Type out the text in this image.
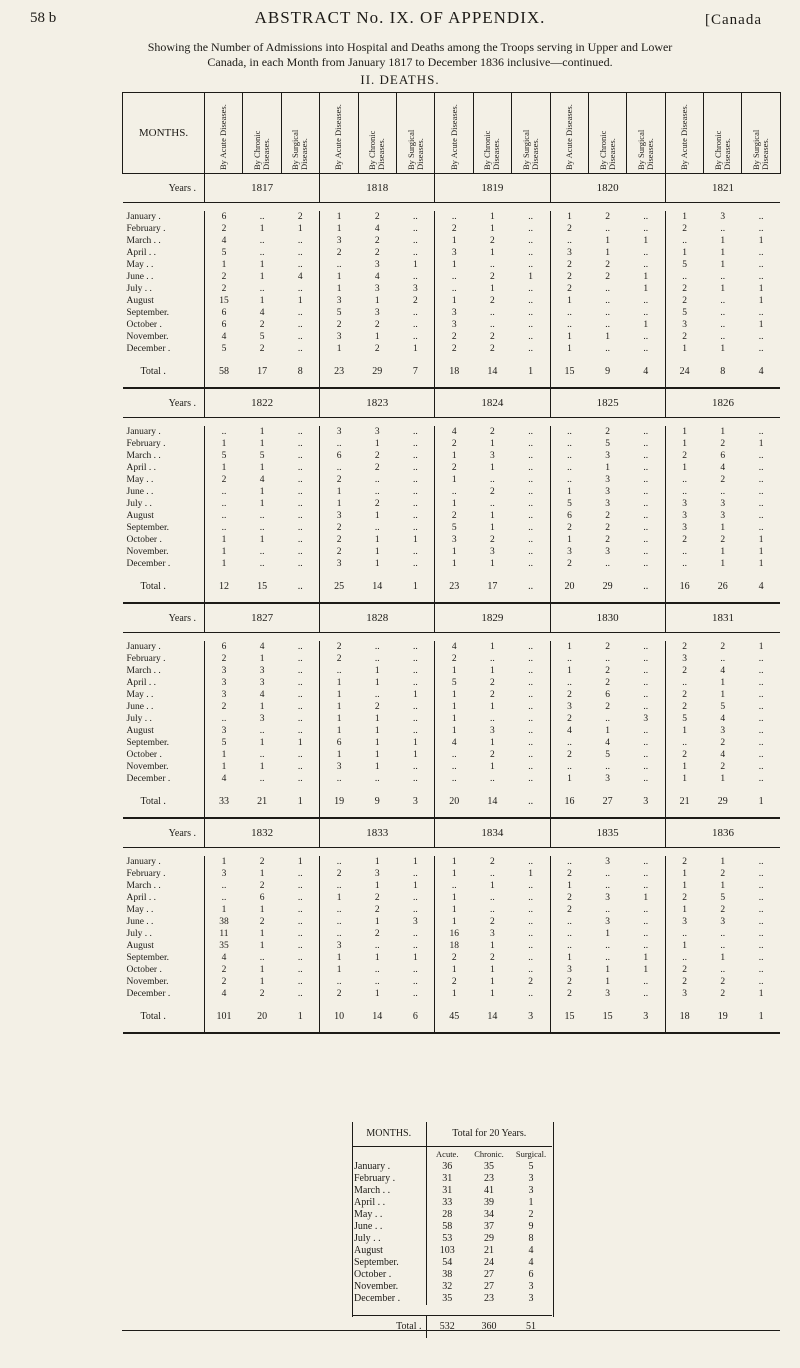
58 b	ABSTRACT No. IX. OF APPENDIX.	[Canada
Showing the Number of Admissions into Hospital and Deaths among the Troops serving in Upper and Lower
Canada, in each Month from January 1817 to December 1836 inclusive—continued.
II. DEATHS.
MONTHS.	By Acute Diseases.	By Chronic Diseases.	By Surgical Diseases.	By Acute Diseases.	By Chronic Diseases.	By Surgical Diseases.	By Acute Diseases.	By Chronic Diseases.	By Surgical Diseases.	By Acute Diseases.	By Chronic Diseases.	By Surgical Diseases.	By Acute Diseases.	By Chronic Diseases.	By Surgical Diseases.
Years .	1817			1818			1819			1820			1821		

January .	6	..	2	1	2	..	..	1	..	1	2	..	1	3	..
February .	2	1	1	1	4	..	2	1	..	2	..	..	2	..	..
March . .	4	..	..	3	2	..	1	2	..	..	1	1	..	1	1
April . .	5	..	..	2	2	..	3	1	..	3	1	..	1	1	..
May . .	1	1	..	..	3	1	1	..	..	2	2	..	5	1	..
June . .	2	1	4	1	4	..	..	2	1	2	2	1	..	..	..
July . .	2	..	..	1	3	3	..	1	..	2	..	1	2	1	1
August	15	1	1	3	1	2	1	2	..	1	..	..	2	..	1
September.	6	4	..	5	3	..	3	..	..	..	..	..	5	..	..
October .	6	2	..	2	2	..	3	..	..	..	..	1	3	..	1
November.	4	5	..	3	1	..	2	2	..	1	1	..	2	..	..
December .	5	2	..	1	2	1	2	2	..	1	..	..	1	1	..
Total .	58	17	8	23	29	7	18	14	1	15	9	4	24	8	4
Years .	1822			1823			1824			1825			1826		

January .	..	1	..	3	3	..	4	2	..	..	2	..	1	1	..
February .	1	1	..	..	1	..	2	1	..	..	5	..	1	2	1
March . .	5	5	..	6	2	..	1	3	..	..	3	..	2	6	..
April . .	1	1	..	..	2	..	2	1	..	..	1	..	1	4	..
May . .	2	4	..	2	..	..	1	..	..	..	3	..	..	2	..
June . .	..	1	..	1	..	..	..	2	..	1	3	..	..	..	..
July . .	..	1	..	1	2	..	1	..	..	5	3	..	3	3	..
August	..	..	..	3	1	..	2	1	..	6	2	..	3	3	..
September.	..	..	..	2	..	..	5	1	..	2	2	..	3	1	..
October .	1	1	..	2	1	1	3	2	..	1	2	..	2	2	1
November.	1	..	..	2	1	..	1	3	..	3	3	..	..	1	1
December .	1	..	..	3	1	..	1	1	..	2	..	..	..	1	1
Total .	12	15	..	25	14	1	23	17	..	20	29	..	16	26	4
Years .	1827			1828			1829			1830			1831		

January .	6	4	..	2	..	..	4	1	..	1	2	..	2	2	1
February .	2	1	..	2	..	..	2	..	..	..	..	..	3	..	..
March . .	3	3	..	..	1	..	1	1	..	1	2	..	2	4	..
April . .	3	3	..	1	1	..	5	2	..	..	2	..	..	1	..
May . .	3	4	..	1	..	1	1	2	..	2	6	..	2	1	..
June . .	2	1	..	1	2	..	1	1	..	3	2	..	2	5	..
July . .	..	3	..	1	1	..	1	..	..	2	..	3	5	4	..
August	3	..	..	1	1	..	1	3	..	4	1	..	1	3	..
September.	5	1	1	6	1	1	4	1	..	..	4	..	..	2	..
October .	1	..	..	1	1	1	..	2	..	2	5	..	2	4	..
November.	1	1	..	3	1	..	..	1	..	..	..	..	1	2	..
December .	4	..	..	..	..	..	..	..	..	1	3	..	1	1	..
Total .	33	21	1	19	9	3	20	14	..	16	27	3	21	29	1
Years .	1832			1833			1834			1835			1836		

January .	1	2	1	..	1	1	1	2	..	..	3	..	2	1	..
February .	3	1	..	2	3	..	1	..	1	2	..	..	1	2	..
March . .	..	2	..	..	1	1	..	1	..	1	..	..	1	1	..
April . .	..	6	..	1	2	..	1	..	..	2	3	1	2	5	..
May . .	1	1	..	..	2	..	1	..	..	2	..	..	1	2	..
June . .	38	2	..	..	1	3	1	2	..	..	3	..	3	3	..
July . .	11	1	..	..	2	..	16	3	..	..	1	..	..	..	..
August	35	1	..	3	..	..	18	1	..	..	..	..	1	..	..
September.	4	..	..	1	1	1	2	2	..	1	..	1	..	1	..
October .	2	1	..	1	..	..	1	1	..	3	1	1	2	..	..
November.	2	1	..	..	..	..	2	1	2	2	1	..	2	2	..
December .	4	2	..	2	1	..	1	1	..	2	3	..	3	2	1
Total .	101	20	1	10	14	6	45	14	3	15	15	3	18	19	1
MONTHS.	Total for 20 Years.		
	Acute.	Chronic.	Surgical.
January .	36	35	5
February .	31	23	3
March . .	31	41	3
April . .	33	39	1
May . .	28	34	2
June . .	58	37	9
July . .	53	29	8
August	103	21	4
September.	54	24	4
October .	38	27	6
November.	32	27	3
December .	35	23	3

Total .	532	360	51
